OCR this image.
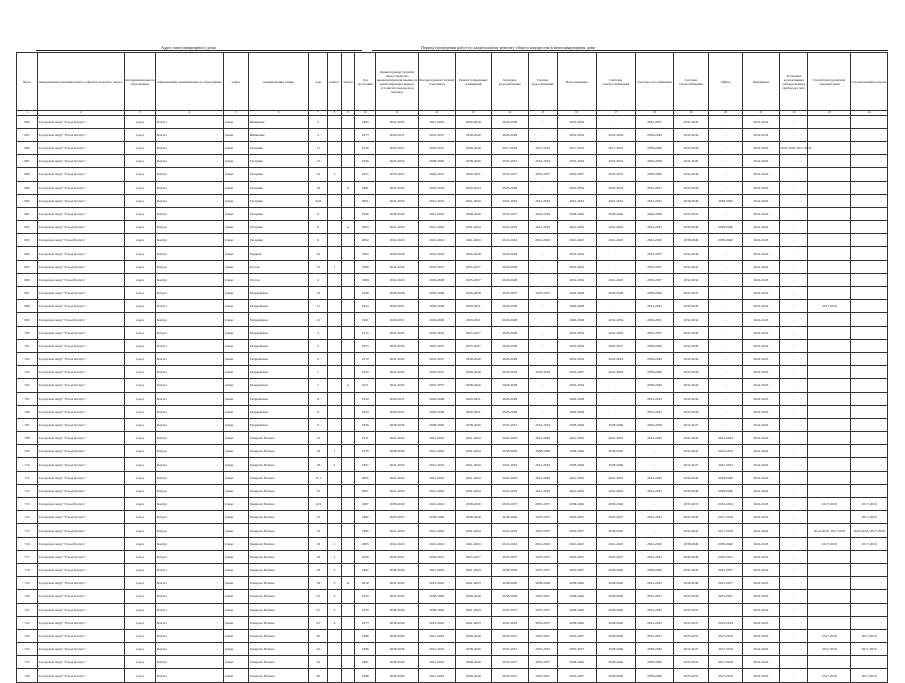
Адрес многоквартирного дома	Период проведения работ по капитальному ремонту общего имущества в многоквартирном доме
№п/п	наименование муниципального района/городского округа	тип муниципального образования	наименование муниципального образования	улица	наименование улицы	дом	корпус	литера	Год постройки	Крыша (ремонт и (или) переустройство невентилируемой крыши на вентилируемую крышу, устройство выходов на кровлю)	Фасады (ремонт и (или) утепление)	Ремонт подвальных помещений	Холодное водоснабжение	Горячее водоснабжение	Водоотведение	Системы электроснабжения	Система газоснабжения	Система теплоснабжения	Лифты	Фундамент	Установка коллективных (общедомовых) приборов учета	Разработка проектной документации	Строительный контроль
1	2	3	4	5	6	7	8	9	10	11	12	13	14	15	16	17	18	19	20	21	22	23	24
684	Городской округ "Город Калуга"	город	Калуга	улица	Вишневая	2			1963	2041-2043	2041-2043	2026-2028	2026-2028	-	2032-2034	-	2035-2037	2041-2043	-	2041-2043	-		
685	Городской округ "Город Калуга"	город	Калуга	улица	Вишневая	4			1973	2029-2031	2035-2037	2038-2040	2026-2028	-	2032-2034	2032-2034	2038-2040	2032-2034	-	2032-2034	-		
686	Городской округ "Город Калуга"	город	Калуга	улица	Гагарина	11			1916	2035-2037	2035-2037	2038-2040	2017-2019	2017-2019	2017-2019	2017-2019	2038-2040	2032-2034	-	2041-2043	2016-2018, 2017-2019		
687	Городской округ "Город Калуга"	город	Калуга	улица	Гагарина	12			1956	2032-2034	2038-2040	2038-2040	2035-2037	2032-2034	2032-2034	2032-2034	2026-2028	2041-2043	-	2041-2043	-		
688	Городской округ "Город Калуга"	город	Калуга	улица	Гагарина	13	1		1955	2035-2037	2029-2031	2029-2031	2035-2037	2035-2037	2035-2037	2035-2037	2038-2040	2032-2034	-	2041-2043	-		
689	Городской округ "Город Калуга"	город	Калуга	улица	Гагарина	18		А	1961	2032-2034	2032-2034	2032-2034	2026-2028	-	2032-2034	2032-2034	2035-2037	2032-2034	-	2041-2043	-		
690	Городской округ "Город Калуга"	город	Калуга	улица	Гагарина	4/43			2001	2041-2043	2041-2043	2041-2043	2041-2043	2041-2043	2041-2043	2041-2043	2041-2043	2038-2040	2038-2040	2041-2043	-		
691	Городской округ "Город Калуга"	город	Калуга	улица	Гагарина	6			1956	2038-2040	2041-2043	2038-2040	2035-2037	2032-2034	2038-2040	2038-2040	2026-2028	2035-2037	-	2041-2043	-		
692	Городской округ "Город Калуга"	город	Калуга	улица	Гагарина	8		А	2003	2041-2043	2041-2043	2041-2043	2041-2043	2041-2043	2041-2043	2041-2043	2041-2043	2038-2040	2038-2040	2041-2043	-		
693	Городской округ "Город Калуга"	город	Калуга	улица	Гагарина	9			2002	2041-2043	2041-2043	2041-2043	2041-2043	2041-2043	2041-2043	2041-2043	2041-2043	2038-2040	2038-2040	2041-2043	-		
694	Городской округ "Город Калуга"	город	Калуга	улица	Герцена	24			1963	2026-2028	2032-2034	2026-2028	2026-2028	-	2032-2034	-	2035-2037	2032-2034	-	2041-2043	-		
695	Городской округ "Город Калуга"	город	Калуга	улица	Гоголя	12	1		1969	2032-2034	2035-2037	2035-2037	2026-2028	-	2032-2034	-	2035-2037	2032-2034	-	2041-2043	-		
696	Городской округ "Город Калуга"	город	Калуга	улица	Гоголя	4			1906	2041-2043	2026-2028	2035-2037	2026-2028	-	2032-2034	2041-2043	2035-2037	2032-2034	-	2041-2043	-		
697	Городской округ "Город Калуга"	город	Калуга	улица	Гвардейская	10			1936	2026-2028	2026-2028	2026-2028	2035-2037	2035-2037	2026-2028	2026-2028	2038-2040	2035-2037	-	2041-2043	-		
698	Городской округ "Город Калуга"	город	Калуга	улица	Гвардейская	11			1924	2029-2031	2026-2028	2029-2031	2026-2028	-	2026-2028	-	2032-2034	2038-2040	-	2041-2043	-	2017-2019	
699	Городской округ "Город Калуга"	город	Калуга	улица	Гвардейская	12			1941	2029-2031	2026-2028	2029-2031	2026-2028	-	2026-2028	2032-2034	2029-2031	2032-2034	-	2041-2043	-		
700	Городской округ "Город Калуга"	город	Калуга	улица	Гвардейская	3			1915	2041-2043	2032-2034	2035-2037	2026-2028	-	2032-2034	2041-2043	2035-2037	2032-2034	-	2041-2043	-		
701	Городской округ "Город Калуга"	город	Калуга	улица	Гвардейская	5			1973	2032-2034	2035-2037	2035-2037	2026-2028	-	2032-2034	2035-2037	2038-2040	2032-2034	-	2041-2043	-		
702	Городской округ "Город Калуга"	город	Калуга	улица	Гвардейская	6			1970	2041-2043	2035-2037	2038-2040	2026-2028	-	2032-2034	2041-2043	2038-2040	2032-2034	-	2041-2043	-		
703	Городской округ "Город Калуга"	город	Калуга	улица	Гвардейская	7			1970	2041-2043	2035-2037	2038-2040	2032-2034	2032-2034	2035-2037	2041-2043	2038-2040	2032-2034	-	2041-2043	-		
704	Городской округ "Город Калуга"	город	Калуга	улица	Гвардейская	7		А	1971	2041-2043	2035-2037	2038-2040	2026-2028	-	2032-2034	-	2038-2040	2032-2034	-	2041-2043	-		
705	Городской округ "Город Калуга"	город	Калуга	улица	Гвардейская	8			1924	2029-2031	2026-2028	2029-2031	2026-2028	-	2026-2028	-	2032-2034	2032-2034	-	2041-2043	-		
706	Городской округ "Город Калуга"	город	Калуга	улица	Гвардейская	9			1924	2029-2031	2026-2028	2029-2031	2026-2028	-	2026-2028	-	2032-2034	2032-2034	-	2041-2043	-		
707	Городской округ "Город Калуга"	город	Калуга	улица	Гвардейская	9			1958	2038-2040	2038-2040	2038-2040	2035-2037	2032-2034	2038-2040	2038-2040	2026-2028	2035-2037	-	2041-2043	-		
708	Городской округ "Город Калуга"	город	Калуга	улица	Генерала Попова	16			2011	2041-2043	2041-2043	2041-2043	2041-2043	2041-2043	2041-2043	2041-2043	2041-2043	2041-2043	2041-2043	2041-2043	-		
709	Городской округ "Город Калуга"	город	Калуга	улица	Генерала Попова	18	1		1978	2038-2040	2041-2043	2041-2043	2038-2040	2038-2040	2038-2040	2038-2040	-	2032-2034	2032-2034	2041-2043	-		
710	Городской округ "Город Калуга"	город	Калуга	улица	Генерала Попова	18	2		1997	2041-2043	2041-2043	2041-2043	2041-2043	2041-2043	2038-2040	2038-2040	-	2035-2037	2032-2034	2041-2043	-		
711	Городской округ "Город Калуга"	город	Калуга	улица	Генерала Попова	11/1			2005	2041-2043	2041-2043	2041-2043	2041-2043	2041-2043	2041-2043	2041-2043	2041-2043	2038-2040	2038-2040	2041-2043	-		
712	Городской округ "Город Калуга"	город	Калуга	улица	Генерала Попова	13			2007	2041-2043	2041-2043	2041-2043	2041-2043	2041-2043	2041-2043	2041-2043	2041-2043	2038-2040	2038-2040	2041-2043	-		
713	Городской округ "Город Калуга"	город	Калуга	улица	Генерала Попова	14/1			1987	2038-2040	2041-2043	2038-2040	2035-2037	2035-2037	2038-2040	2038-2040	-	2035-2037	2032-2034	2041-2043	-	2017-2019	2017-2019
714	Городской округ "Город Калуга"	город	Калуга	улица	Генерала Попова	16			1982	2035-2037	2038-2040	2038-2040	2038-2040	2035-2037	2035-2037	2035-2037	2032-2034	2032-2034	2017-2019	2041-2043	-		2017-2019
715	Городской округ "Город Калуга"	город	Калуга	улица	Генерала Попова	16			1995	2041-2043	2041-2043	2041-2043	2041-2043	2035-2037	2035-2037	2038-2040	-	2032-2034	2017-2019	2041-2043	-	2014-2016, 2017-2019	2016-2018, 2017-2019
716	Городской округ "Город Калуга"	город	Калуга	улица	Генерала Попова	18	1		2005	2041-2043	2041-2043	2041-2043	2041-2043	2041-2043	2041-2043	2041-2043	2041-2043	2038-2040	2038-2040	2041-2043	-	2017-2019	2017-2019
717	Городской округ "Город Калуга"	город	Калуга	улица	Генерала Попова	18	2		1939	2029-2031	2029-2031	2035-2037	2035-2037	2035-2037	2035-2037	2035-2037	2032-2034	2038-2040	2029-2031	2041-2043	-		
718	Городской округ "Город Калуга"	город	Калуга	улица	Генерала Попова	18	3		1992	2038-2040	2041-2043	2041-2043	2038-2040	2035-2037	2035-2037	2038-2040	2038-2040	2041-2043	2035-2037	2041-2043	-		
719	Городской округ "Город Калуга"	город	Калуга	улица	Генерала Попова	18	3	А	2010	2041-2043	2041-2043	2041-2043	2038-2040	2038-2040	2038-2040	2038-2040	2041-2043	2038-2040	2035-2037	2041-2043	-		
720	Городской округ "Город Калуга"	город	Калуга	улица	Генерала Попова	2/1	2		1970	2032-2034	2038-2040	2038-2040	2038-2040	2035-2037	2038-2040	2038-2040	2035-2037	2032-2034	2035-2037	2041-2043	-		
721	Городской округ "Город Калуга"	город	Калуга	улица	Генерала Попова	2/1	3		1970	2038-2040	2038-2040	2041-2043	2035-2037	2035-2037	2038-2040	2038-2040	2041-2043	2035-2037	-	2041-2043	-		
722	Городской округ "Город Калуга"	город	Калуга	улица	Генерала Попова	2/1	4		1973	2038-2040	2041-2043	2041-2043	2041-2043	2035-2037	2038-2040	2038-2040	2041-2043	2035-2037	2032-2034	2041-2043	-		
723	Городской округ "Город Калуга"	город	Калуга	улица	Генерала Попова	20			1986	2038-2040	2041-2043	2038-2040	2035-2037	2035-2037	2035-2037	2038-2040	2035-2037	2035-2037	2017-2019	2041-2043	-	2017-2019	2017-2019
724	Городской округ "Город Калуга"	город	Калуга	улица	Генерала Попова	22			1989	2038-2040	2041-2043	2038-2040	2035-2037	2035-2037	2035-2037	2038-2040	2038-2040	2035-2037	2017-2019	2041-2043	-	2017-2019	2017-2019
725	Городской округ "Город Калуга"	город	Калуга	улица	Генерала Попова	24			1987	2038-2040	2041-2043	2038-2040	2035-2037	2035-2037	2038-2040	2038-2040	2038-2040	2035-2037	2017-2019	2041-2043	-		
726	Городской округ "Город Калуга"	город	Калуга	улица	Генерала Попова	26			1988	2038-2040	2041-2043	2038-2040	2035-2037	2035-2037	2035-2037	2038-2040	2038-2040	2035-2037	2017-2019	2041-2043	-	2017-2019	2017-2019
